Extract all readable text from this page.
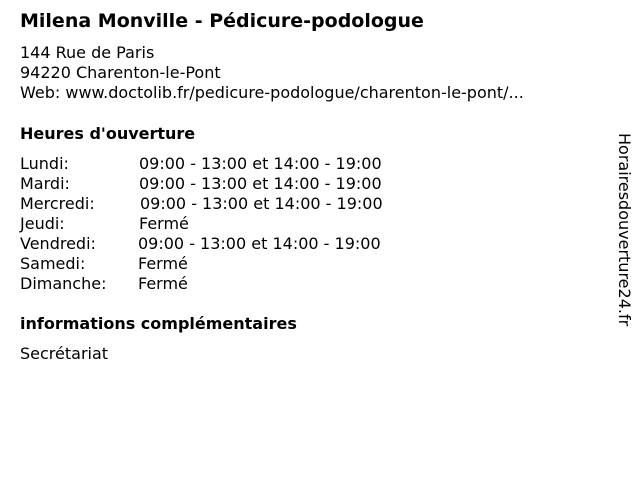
Milena Monville - Pédicure-podologue
144 Rue de Paris
94220 Charenton-le-Pont
Web: www.doctolib.fr/pedicure-podologue/charenton-le-pont/...
Heures d'ouverture
Lundi:	09:00 - 13:00 et 14:00 - 19:00
Mardi:	09:00 - 13:00 et 14:00 - 19:00
Mercredi:	09:00 - 13:00 et 14:00 - 19:00
Jeudi:	Fermé
Vendredi:	09:00 - 13:00 et 14:00 - 19:00
Samedi:	Fermé
Dimanche: Fermé
informations complémentaires
Secrétariat
Horairesdouverture24.fr
